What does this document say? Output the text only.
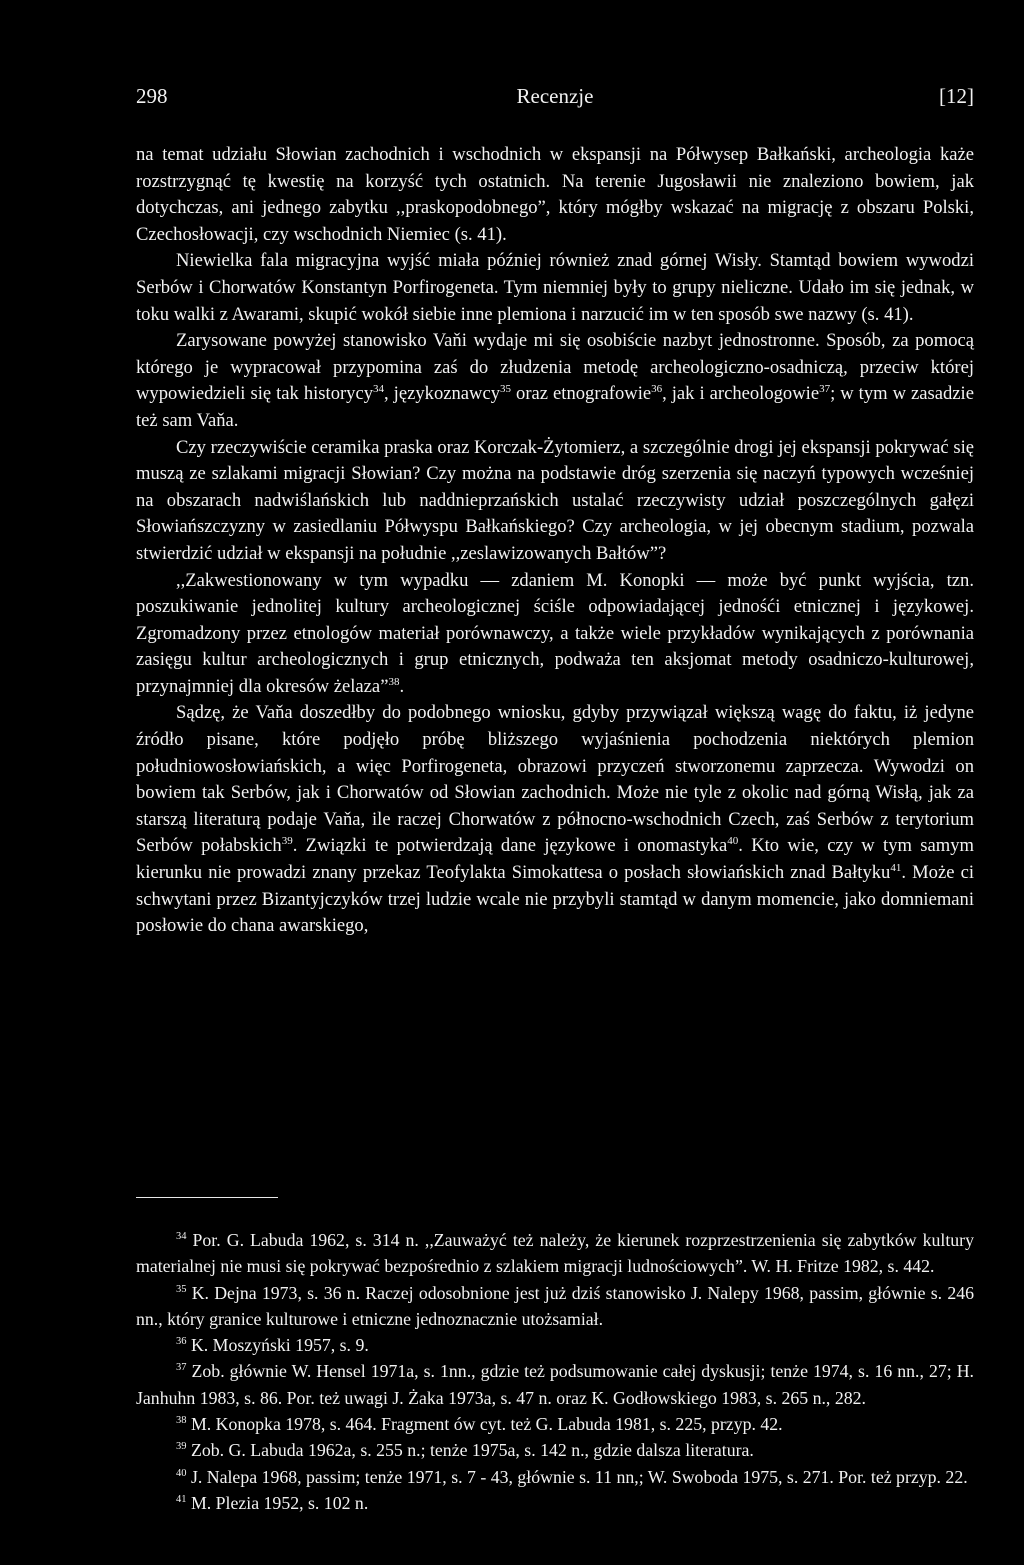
298	Recenzje	[12]

na temat udziału Słowian zachodnich i wschodnich w ekspansji na Półwysep Bałkański, archeologia każe rozstrzygnąć tę kwestię na korzyść tych ostatnich. Na terenie Jugosławii nie znaleziono bowiem, jak dotychczas, ani jednego zabytku ,,praskopodobnego”, który mógłby wskazać na migrację z obszaru Polski, Czechosłowacji, czy wschodnich Niemiec (s. 41).

Niewielka fala migracyjna wyjść miała później również znad górnej Wisły. Stamtąd bowiem wywodzi Serbów i Chorwatów Konstantyn Porfirogeneta. Tym niemniej były to grupy nieliczne. Udało im się jednak, w toku walki z Awarami, skupić wokół siebie inne plemiona i narzucić im w ten sposób swe nazwy (s. 41).

Zarysowane powyżej stanowisko Vaňi wydaje mi się osobiście nazbyt jednostronne. Sposób, za pomocą którego je wypracował przypomina zaś do złudzenia metodę archeologiczno-osadniczą, przeciw której wypowiedzieli się tak historycy$^{34}$, językoznawcy$^{35}$ oraz etnografowie$^{36}$, jak i archeologowie$^{37}$; w tym w zasadzie też sam Vaňa.

Czy rzeczywiście ceramika praska oraz Korczak-Żytomierz, a szczególnie drogi jej ekspansji pokrywać się muszą ze szlakami migracji Słowian? Czy można na podstawie dróg szerzenia się naczyń typowych wcześniej na obszarach nadwiślańskich lub naddnieprzańskich ustalać rzeczywisty udział poszczególnych gałęzi Słowiańszczyzny w zasiedlaniu Półwyspu Bałkańskiego? Czy archeologia, w jej obecnym stadium, pozwala stwierdzić udział w ekspansji na południe ,,zeslawizowanych Bałtów”?

,,Zakwestionowany w tym wypadku — zdaniem M. Konopki — może być punkt wyjścia, tzn. poszukiwanie jednolitej kultury archeologicznej ściśle odpowiadającej jednośći etnicznej i językowej. Zgromadzony przez etnologów materiał porównawczy, a także wiele przykładów wynikających z porównania zasięgu kultur archeologicznych i grup etnicznych, podważa ten aksjomat metody osadniczo-kulturowej, przynajmniej dla okresów żelaza”$^{38}$.

Sądzę, że Vaňa doszedłby do podobnego wniosku, gdyby przywiązał większą wagę do faktu, iż jedyne źródło pisane, które podjęło próbę bliższego wyjaśnienia pochodzenia niektórych plemion południowosłowiańskich, a więc Porfirogeneta, obrazowi przyczeń stworzonemu zaprzecza. Wywodzi on bowiem tak Serbów, jak i Chorwatów od Słowian zachodnich. Może nie tyle z okolic nad górną Wisłą, jak za starszą literaturą podaje Vaňa, ile raczej Chorwatów z północno-wschodnich Czech, zaś Serbów z terytorium Serbów połabskich$^{39}$. Związki te potwierdzają dane językowe i onomastyka$^{40}$. Kto wie, czy w tym samym kierunku nie prowadzi znany przekaz Teofylakta Simokattesa o posłach słowiańskich znad Bałtyku$^{41}$. Może ci schwytani przez Bizantyjczyków trzej ludzie wcale nie przybyli stamtąd w danym momencie, jako domniemani posłowie do chana awarskiego,

$^{34}$ Por. G. Labuda 1962, s. 314 n. ,,Zauważyć też należy, że kierunek rozprzestrzenienia się zabytków kultury materialnej nie musi się pokrywać bezpośrednio z szlakiem migracji ludnościowych”. W. H. Fritze 1982, s. 442.

$^{35}$ K. Dejna 1973, s. 36 n. Raczej odosobnione jest już dziś stanowisko J. Nalepy 1968, passim, głównie s. 246 nn., który granice kulturowe i etniczne jednoznacznie utożsamiał.

$^{36}$ K. Moszyński 1957, s. 9.

$^{37}$ Zob. głównie W. Hensel 1971a, s. 1nn., gdzie też podsumowanie całej dyskusji; tenże 1974, s. 16 nn., 27; H. Janhuhn 1983, s. 86. Por. też uwagi J. Żaka 1973a, s. 47 n. oraz K. Godłowskiego 1983, s. 265 n., 282.

$^{38}$ M. Konopka 1978, s. 464. Fragment ów cyt. też G. Labuda 1981, s. 225, przyp. 42.

$^{39}$ Zob. G. Labuda 1962a, s. 255 n.; tenże 1975a, s. 142 n., gdzie dalsza literatura.

$^{40}$ J. Nalepa 1968, passim; tenże 1971, s. 7 - 43, głównie s. 11 nn,; W. Swoboda 1975, s. 271. Por. też przyp. 22.

$^{41}$ M. Plezia 1952, s. 102 n.
